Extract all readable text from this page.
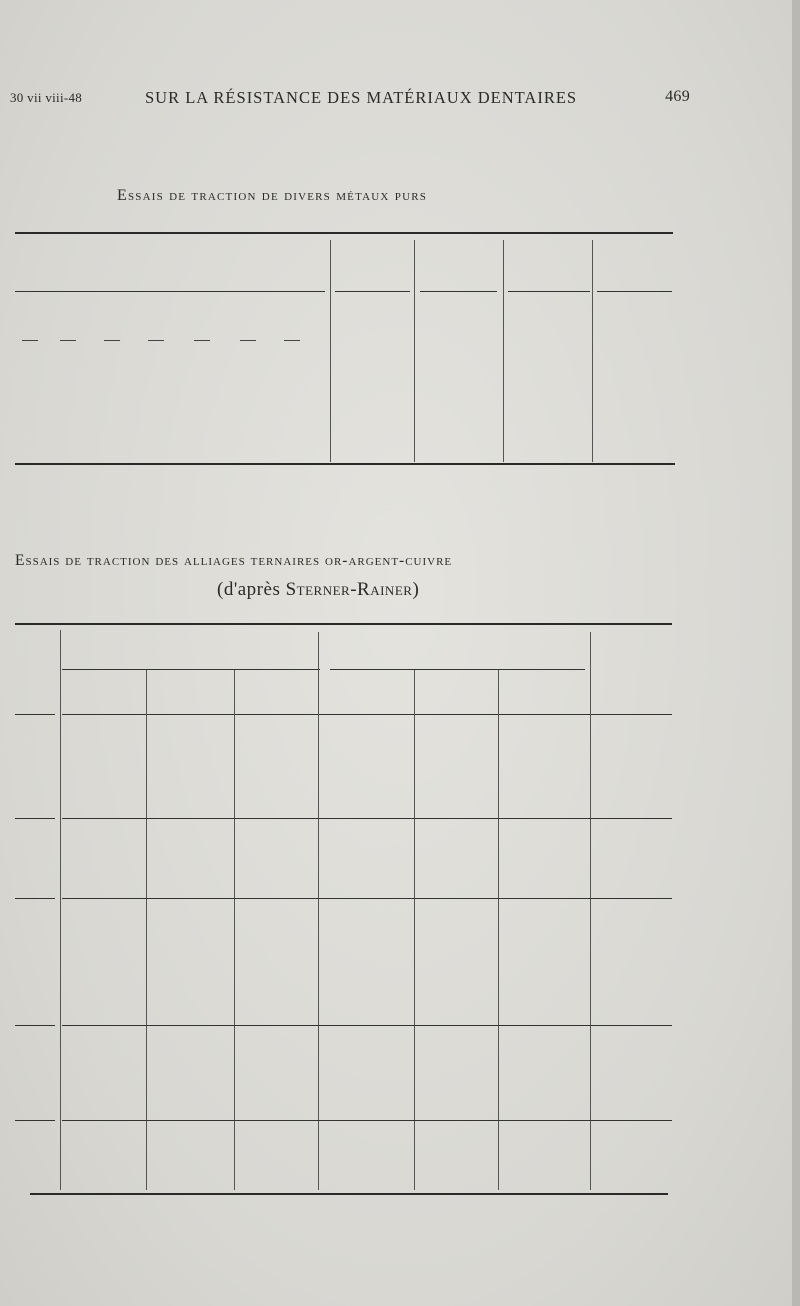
30 vii viii-48	SUR LA RÉSISTANCE DES MATÉRIAUX DENTAIRES	469
Essais de traction de divers métaux purs
Essais de traction des alliages ternaires or-argent-cuivre
(d'après Sterner-Rainer)
